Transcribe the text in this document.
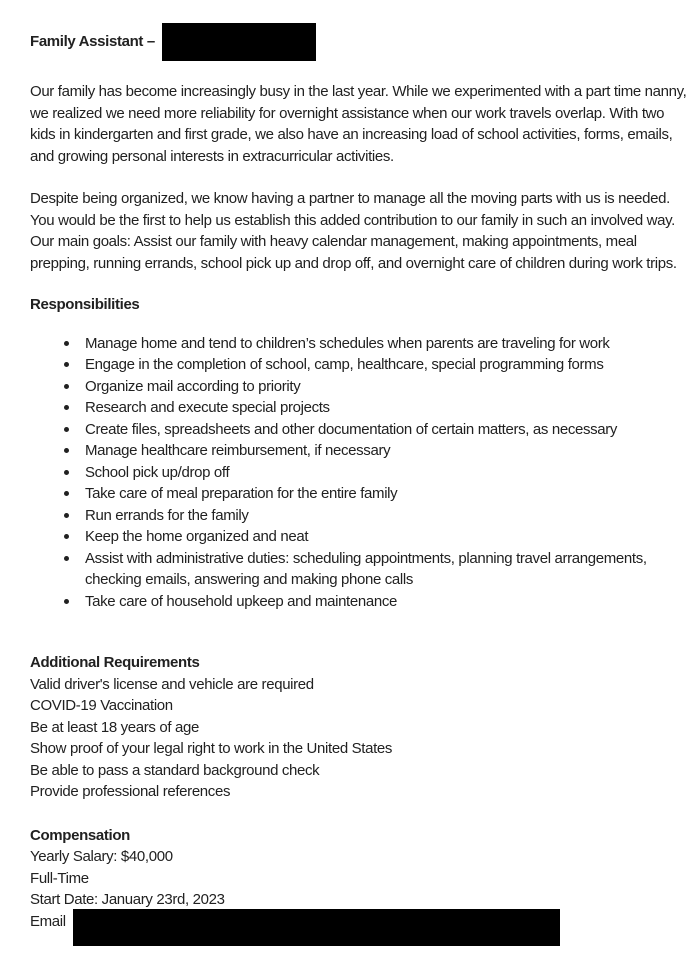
Family Assistant –

Our family has become increasingly busy in the last year. While we experimented with a part time nanny, we realized we need more reliability for overnight assistance when our work travels overlap. With two kids in kindergarten and first grade, we also have an increasing load of school activities, forms, emails, and growing personal interests in extracurricular activities.

Despite being organized, we know having a partner to manage all the moving parts with us is needed. You would be the first to help us establish this added contribution to our family in such an involved way. Our main goals: Assist our family with heavy calendar management, making appointments, meal prepping, running errands, school pick up and drop off, and overnight care of children during work trips.

Responsibilities
Manage home and tend to children’s schedules when parents are traveling for work
Engage in the completion of school, camp, healthcare, special programming forms
Organize mail according to priority
Research and execute special projects
Create files, spreadsheets and other documentation of certain matters, as necessary
Manage healthcare reimbursement, if necessary
School pick up/drop off
Take care of meal preparation for the entire family
Run errands for the family
Keep the home organized and neat
Assist with administrative duties: scheduling appointments, planning travel arrangements, checking emails, answering and making phone calls
Take care of household upkeep and maintenance
Additional Requirements

Valid driver's license and vehicle are required

COVID-19 Vaccination

Be at least 18 years of age

Show proof of your legal right to work in the United States

Be able to pass a standard background check

Provide professional references

Compensation

Yearly Salary: $40,000

Full-Time

Start Date: January 23rd, 2023

Email
